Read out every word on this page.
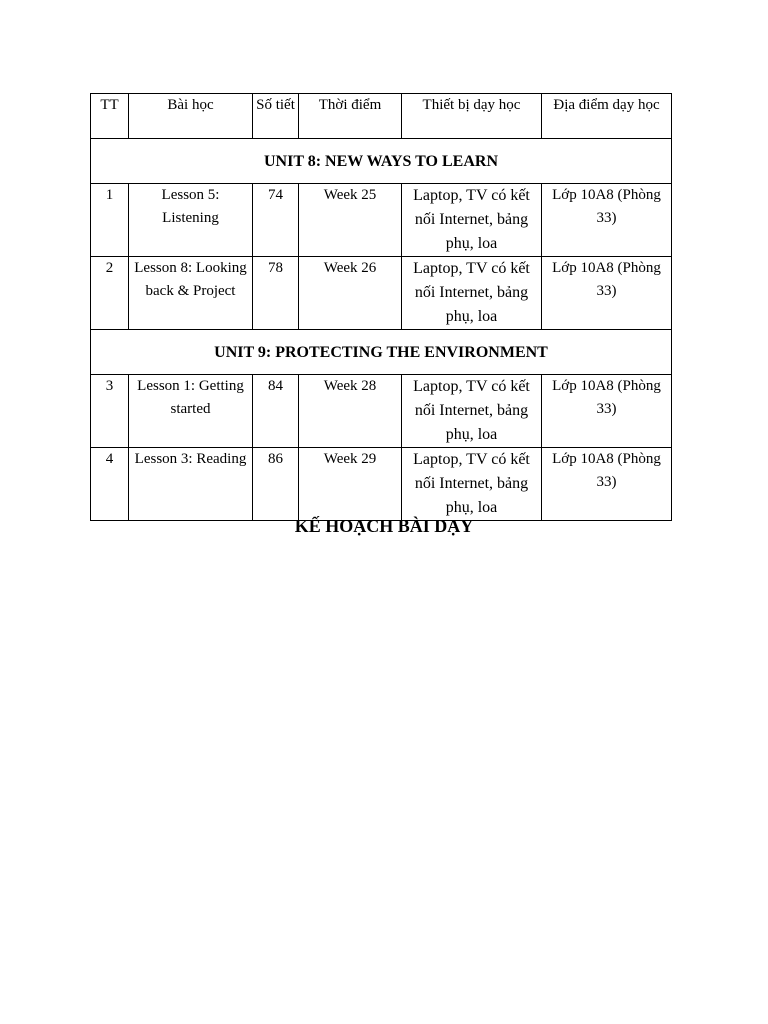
TT	Bài học	Số tiết	Thời điểm	Thiết bị dạy học	Địa điểm dạy học
UNIT 8: NEW WAYS TO LEARN					
1	Lesson 5: Listening	74	Week 25	Laptop, TV có kết nối Internet, bảng phụ, loa	Lớp 10A8 (Phòng 33)
2	Lesson 8: Looking back & Project	78	Week 26	Laptop, TV có kết nối Internet, bảng phụ, loa	Lớp 10A8 (Phòng 33)
UNIT 9: PROTECTING THE ENVIRONMENT					
3	Lesson 1: Getting started	84	Week 28	Laptop, TV có kết nối Internet, bảng phụ, loa	Lớp 10A8 (Phòng 33)
4	Lesson 3: Reading	86	Week 29	Laptop, TV có kết nối Internet, bảng phụ, loa	Lớp 10A8 (Phòng 33)
KẾ HOẠCH BÀI DẠY
